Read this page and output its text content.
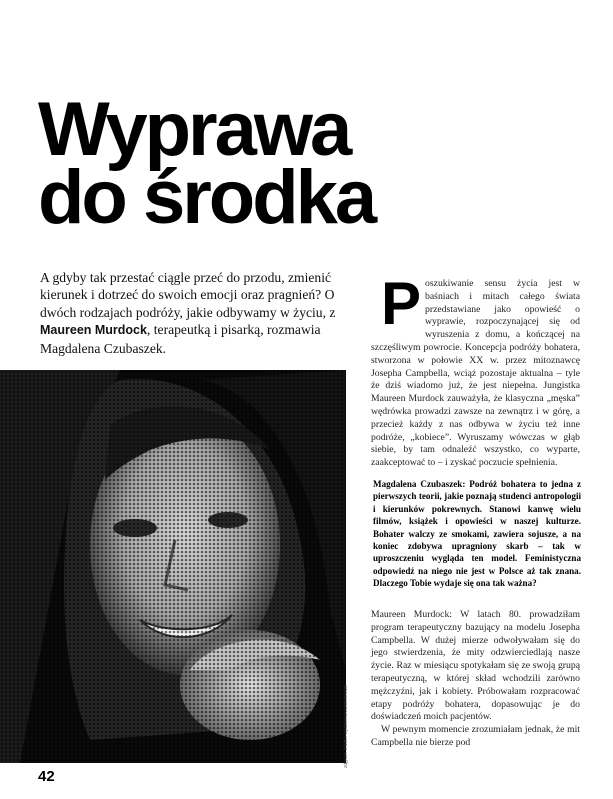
Wyprawa
do środka

A gdyby tak przestać ciągle przeć do przodu, zmienić kierunek i dotrzeć do swoich emocji oraz pragnień? O dwóch rodzajach podróży, jakie odbywamy w życiu, z Maureen Murdock, terapeutką i pisarką, rozmawia Magdalena Czubaszek.

zdjęcie: źródło: wydawnictwo/archiwum
42
Poszukiwanie sensu życia jest w baśniach i mitach całego świata przedstawiane jako opowieść o wyprawie, rozpoczynającej się od wyruszenia z domu, a kończącej na szczęśliwym powrocie. Koncepcja podróży bohatera, stworzona w połowie XX w. przez mitoznawcę Josepha Campbella, wciąż pozostaje aktualna – tyle że dziś wiadomo już, że jest niepełna. Jungistka Maureen Murdock zauważyła, że klasyczna „męska” wędrówka prowadzi zawsze na zewnątrz i w górę, a przecież każdy z nas odbywa w życiu też inne podróże, „kobiece”. Wyruszamy wówczas w głąb siebie, by tam odnaleźć wszystko, co wyparte, zaakceptować to – i zyskać poczucie spełnienia.
Magdalena Czubaszek: Podróż bohatera to jedna z pierwszych teorii, jakie poznają studenci antropologii i kierunków pokrewnych. Stanowi kanwę wielu filmów, książek i opowieści w naszej kulturze. Bohater walczy ze smokami, zawiera sojusze, a na koniec zdobywa upragniony skarb – tak w uproszczeniu wygląda ten model. Feministyczna odpowiedź na niego nie jest w Polsce aż tak znana. Dlaczego Tobie wydaje się ona tak ważna?

Maureen Murdock: W latach 80. prowadziłam program terapeutyczny bazujący na modelu Josepha Campbella. W dużej mierze odwoływałam się do jego stwierdzenia, że mity odzwierciedlają nasze życie. Raz w miesiącu spotykałam się ze swoją grupą terapeutyczną, w której skład wchodzili zarówno mężczyźni, jak i kobiety. Próbowałam rozpracować etapy podróży bohatera, dopasowując je do doświadczeń moich pacjentów.

W pewnym momencie zrozumiałam jednak, że mit Campbella nie bierze pod
